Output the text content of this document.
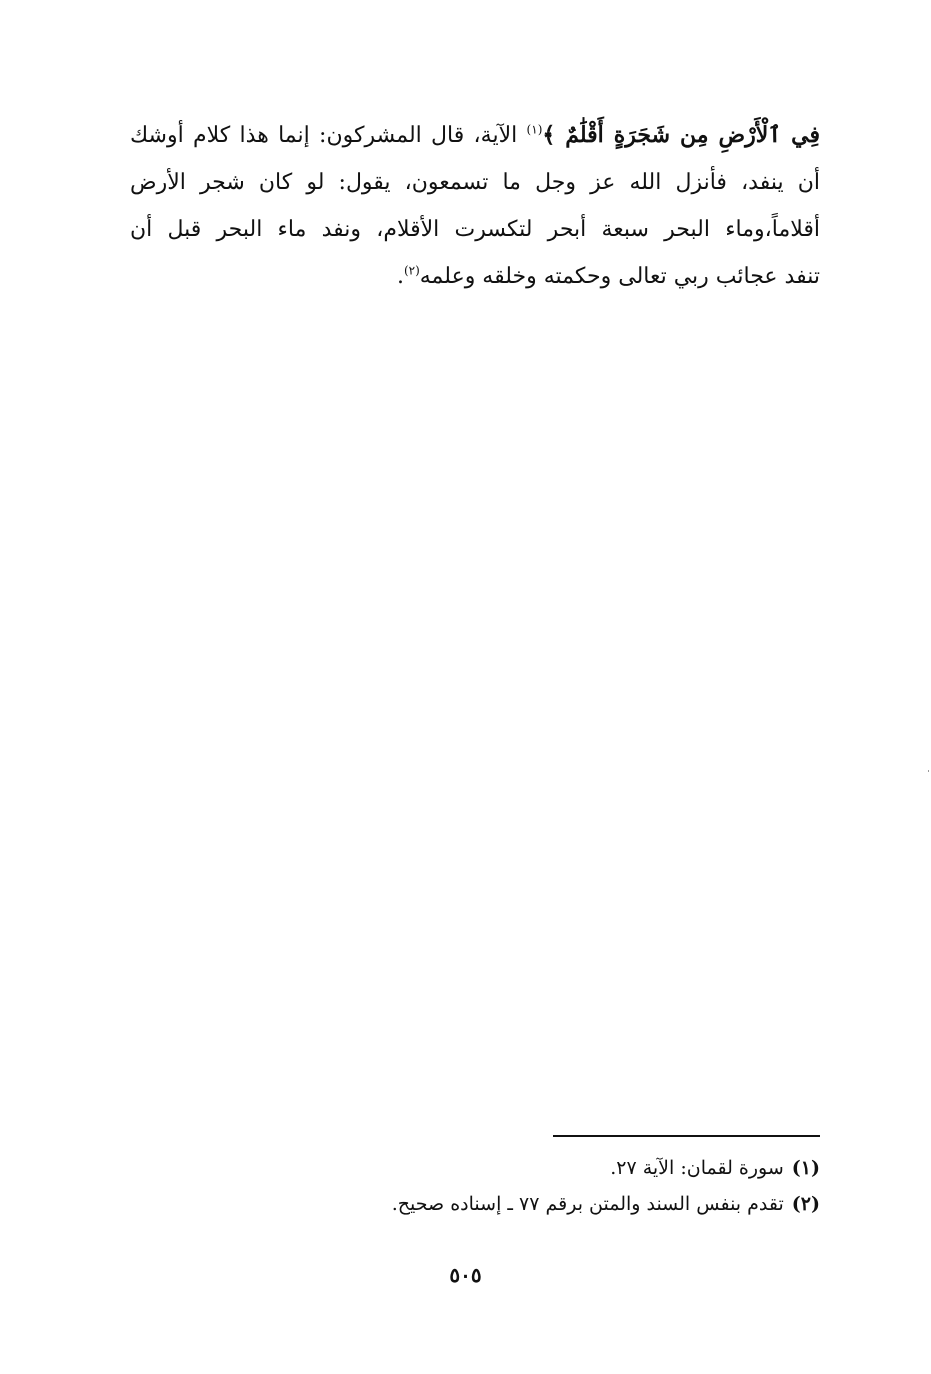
فِي ٱلْأَرْضِ مِن شَجَرَةٍ أَقْلَٰمٌ ﴾$^{(١)}$ الآية، قال المشركون: إنما هذا كلام أوشك
أن ينفد، فأنزل الله عز وجل ما تسمعون، يقول: لو كان شجر الأرض
أقلاماً،وماء البحر سبعة أبحر لتكسرت الأقلام، ونفد ماء البحر قبل أن
تنفد عجائب ربي تعالى وحكمته وخلقه وعلمه$^{(٢)}$.
(١)سورة لقمان: الآية ٢٧.
(٢)تقدم بنفس السند والمتن برقم ٧٧ ـ إسناده صحيح.
٥٠٥
